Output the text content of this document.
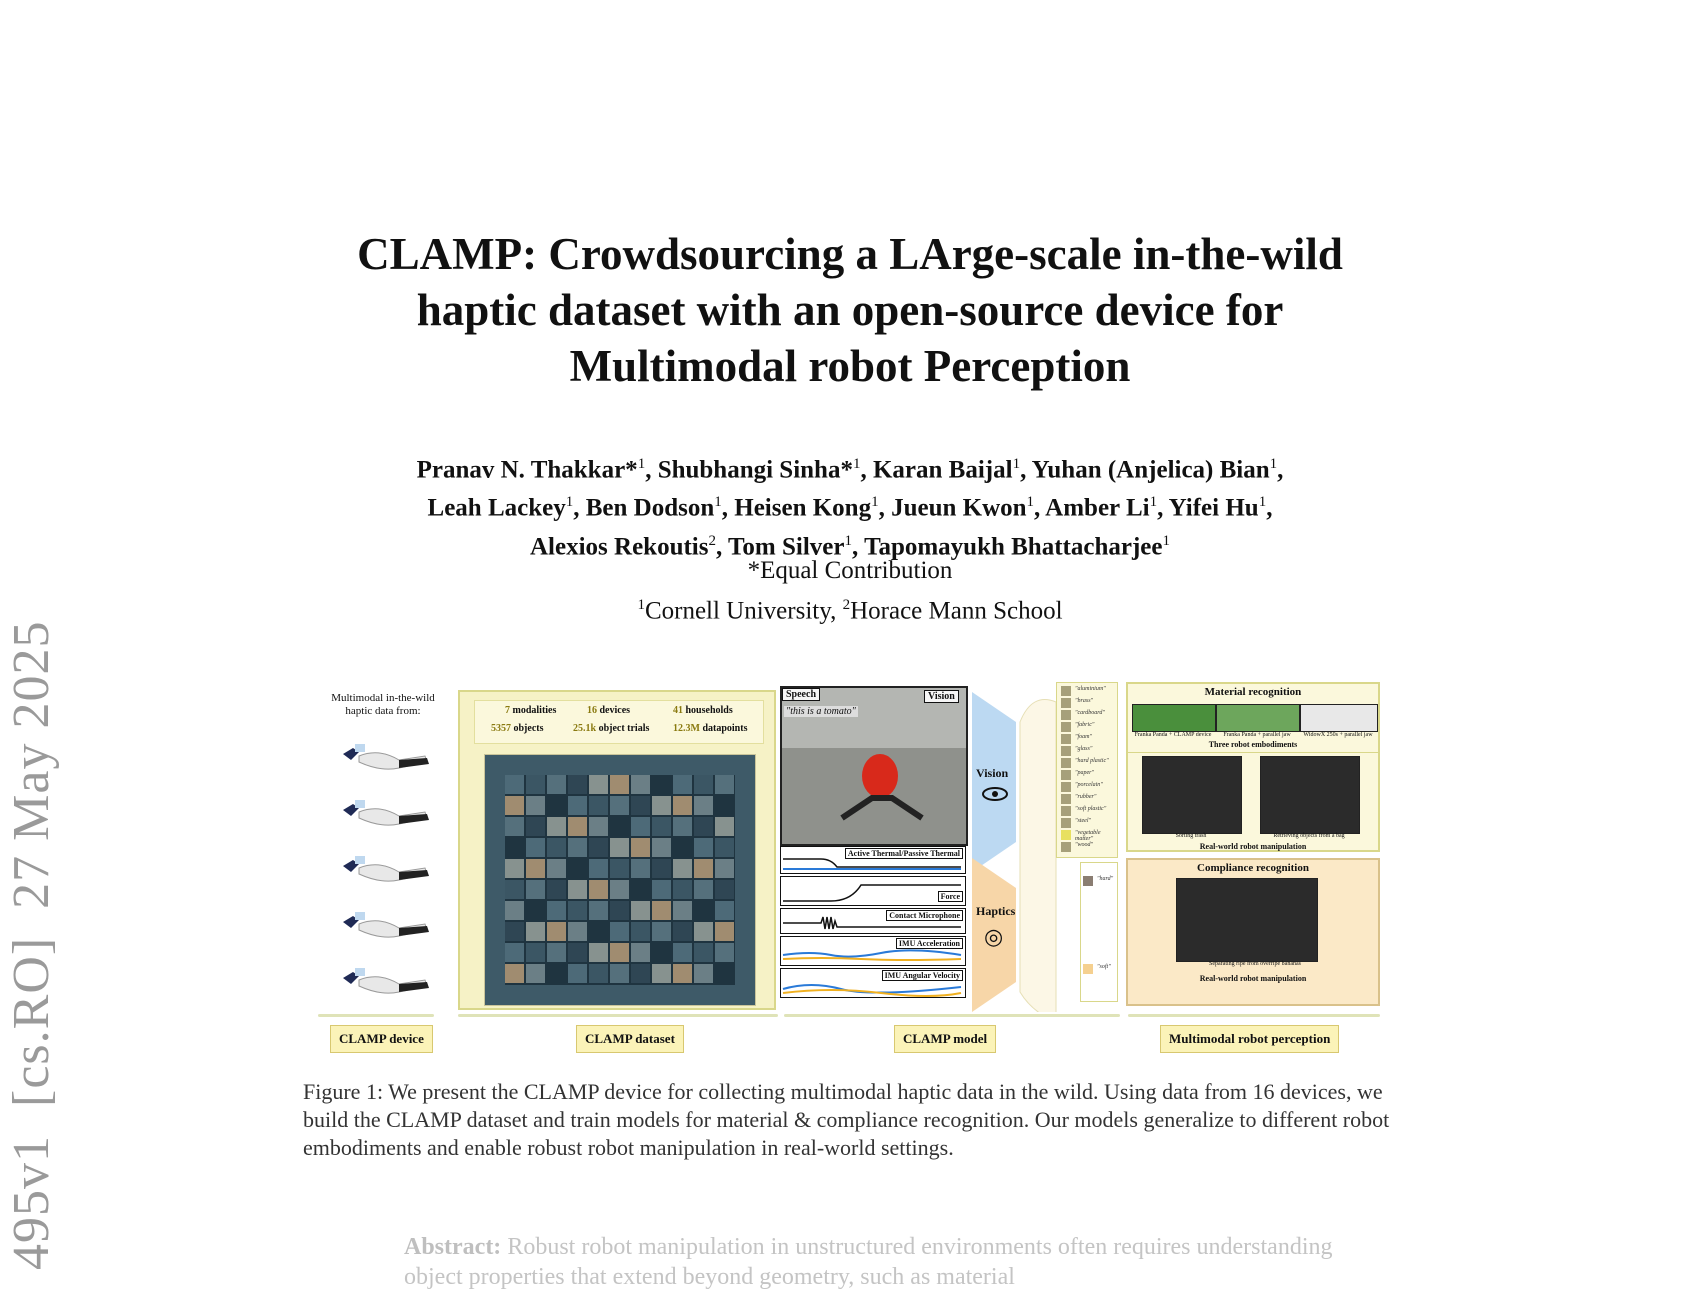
495v1  [cs.RO]  27 May 2025
CLAMP: Crowdsourcing a LArge-scale in-the-wild
haptic dataset with an open-source device for
Multimodal robot Perception
Pranav N. Thakkar*$^1$, Shubhangi Sinha*$^1$, Karan Baijal$^1$, Yuhan (Anjelica) Bian$^1$,
Leah Lackey$^1$, Ben Dodson$^1$, Heisen Kong$^1$, Jueun Kwon$^1$, Amber Li$^1$, Yifei Hu$^1$,
Alexios Rekoutis$^2$, Tom Silver$^1$, Tapomayukh Bhattacharjee$^1$
*Equal Contribution
$^1$Cornell University, $^2$Horace Mann School
Multimodal in-the-wild
haptic data from:	7 modalities	16 devices	41 households
5357 objects	25.1k object trials 12.3M datapoints
Speech
"this is a tomato"
Vision
Active Thermal/Passive Thermal
Force
Contact Microphone
IMU Acceleration
IMU Angular Velocity
Vision
Haptics
◎
"aluminium"
"brass"
"cardboard"
"fabric"
"foam"
"glass"
"hard plastic"
"paper"
"porcelain"
"rubber"
"soft plastic"
"steel"
"vegetable matter"
"wood"
"hard"
"soft"
Material recognition
Franka Panda + CLAMP device	Franka Panda + parallel jaw	WidowX 250s + parallel jaw
Three robot embodiments
Sorting trash	Retrieving objects from a bag
Real-world robot manipulation
Compliance recognition
Separating ripe from overripe bananas
Real-world robot manipulation
CLAMP device	CLAMP dataset	CLAMP model	Multimodal robot perception
Figure 1: We present the CLAMP device for collecting multimodal haptic data in the wild. Using data from 16 devices, we build the CLAMP dataset and train models for material & compliance recognition. Our models generalize to different robot embodiments and enable robust robot manipulation in real-world settings.
Abstract: Robust robot manipulation in unstructured environments often requires understanding object properties that extend beyond geometry, such as material
